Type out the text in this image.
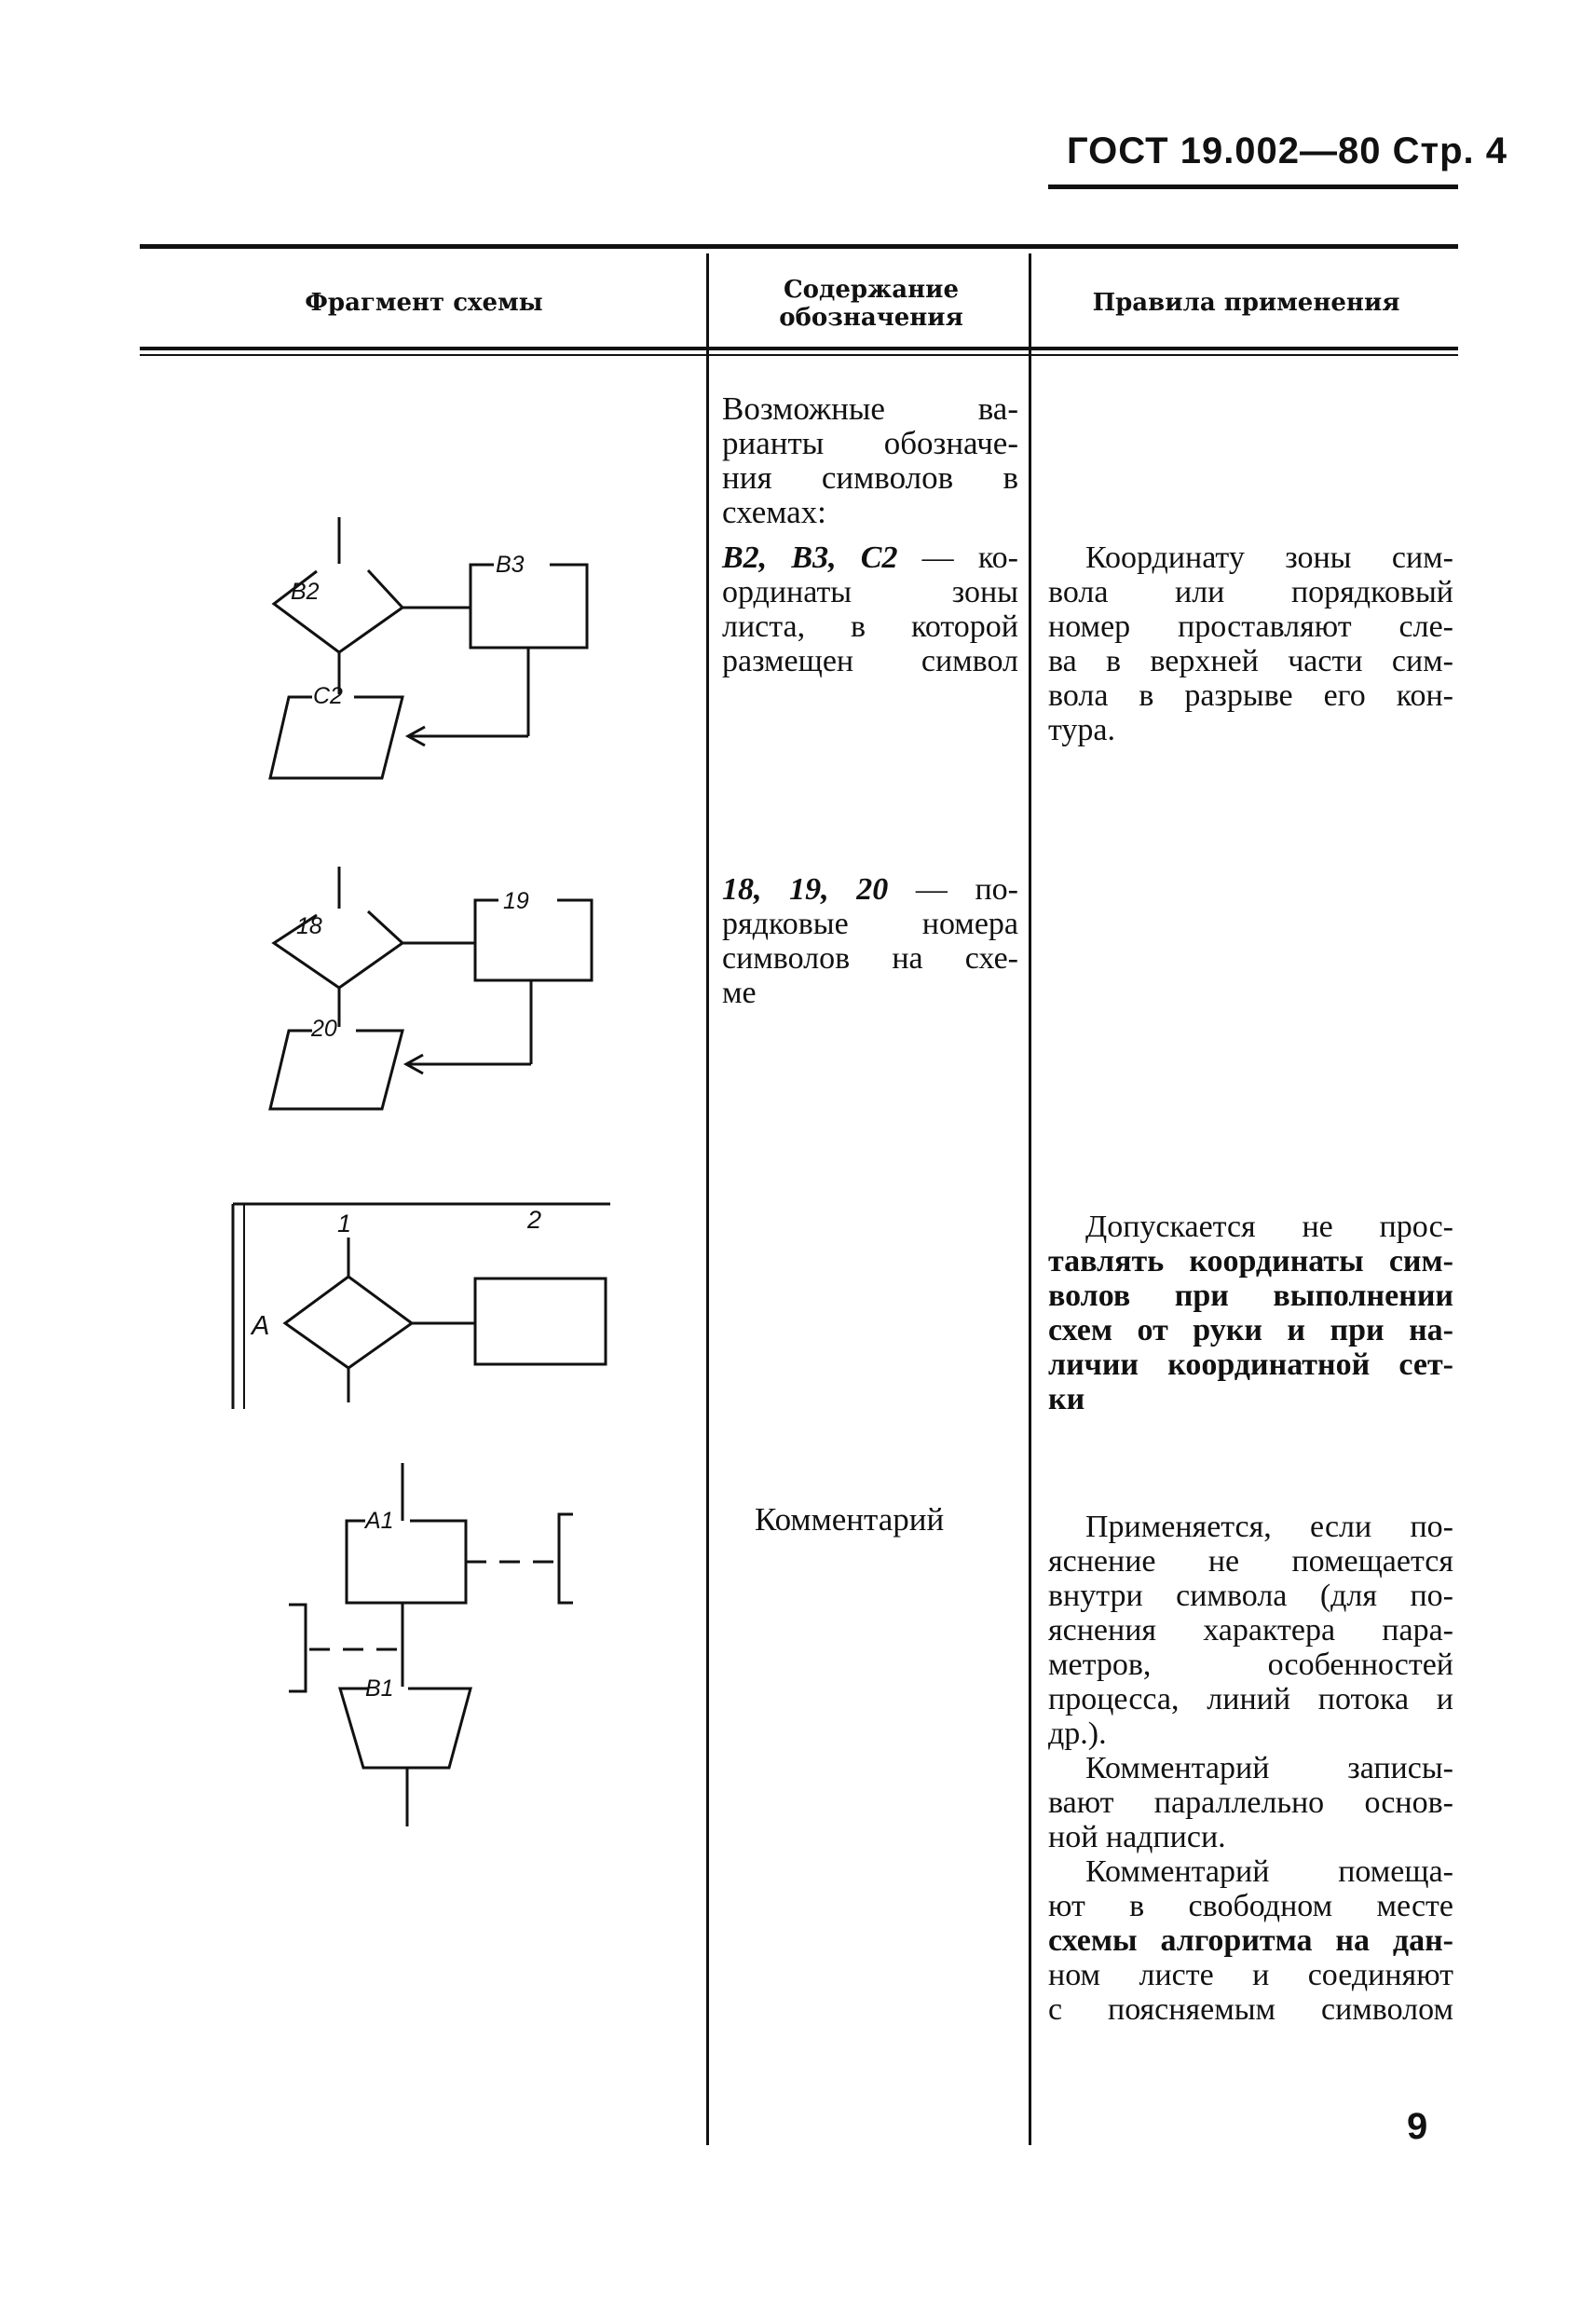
ГОСТ 19.002—80 Стр. 4
Фрагмент схемы	Содержание
обозначения
Правила применения
Возможные ва-
рианты обозначе-
ния символов в
схемах:
B2, B3, C2 — ко-
ординаты зоны
листа, в которой
размещен символ
18, 19, 20 — по-
рядковые номера
символов на схе-
ме
Комментарий
Координату зоны сим-
вола или порядковый
номер проставляют сле-
ва в верхней части сим-
вола в разрыве его кон-
тура.
Допускается не прос-
тавлять координаты сим-
волов при выполнении
схем от руки и при на-
личии координатной сет-
ки
Применяется, если по-
яснение не помещается
внутри символа (для по-
яснения характера пара-
метров, особенностей
процесса, линий потока и
др.).
Комментарий записы-
вают параллельно основ-
ной надписи.
Комментарий помеща-
ют в свободном месте
схемы алгоритма на дан-
ном листе и соединяют
с поясняемым символом
B2
B3
C2
18
19
20
1	2
A
A1
B1
9
